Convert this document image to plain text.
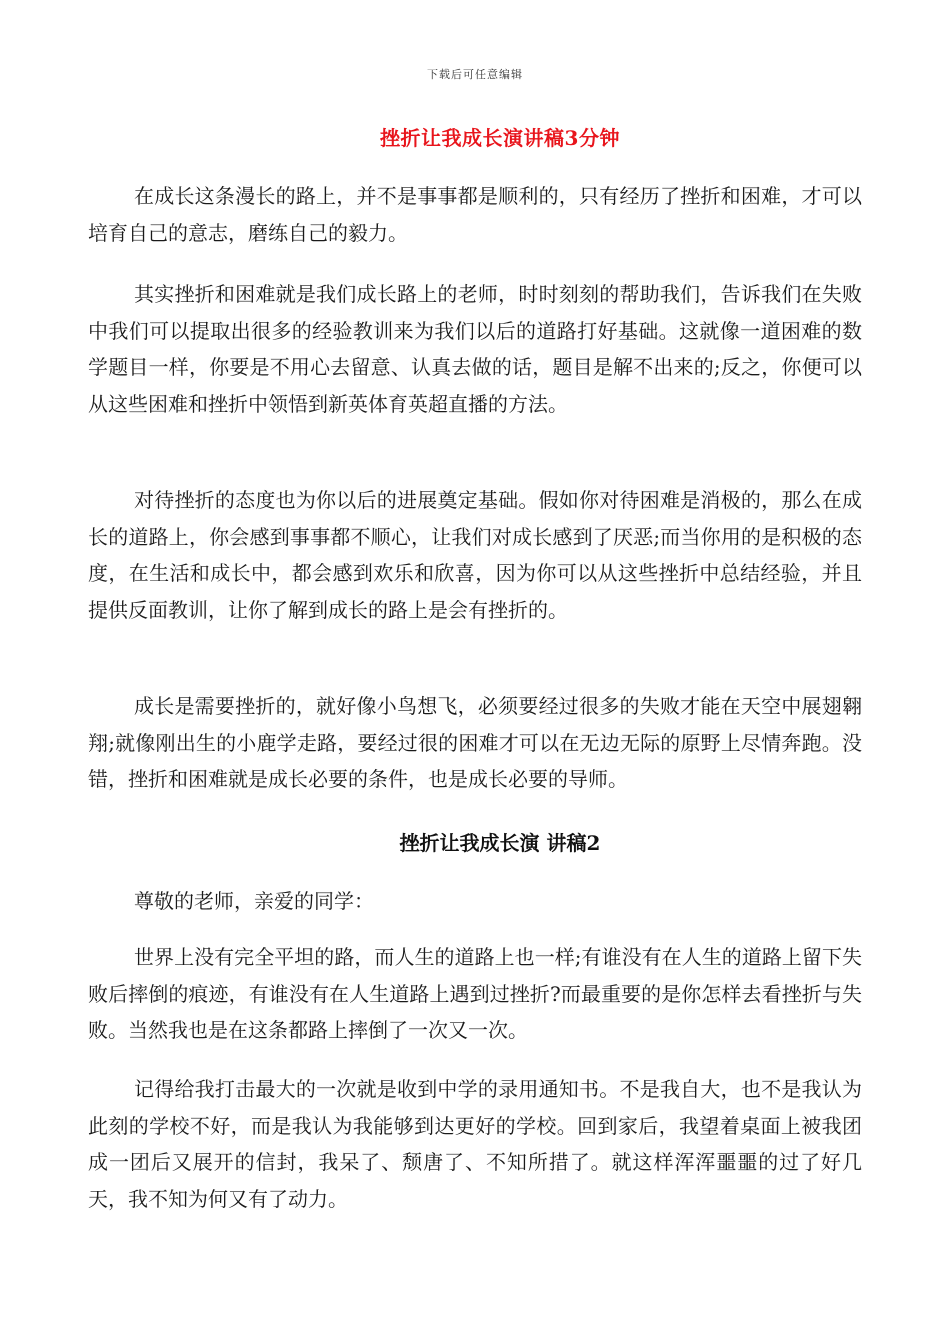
下载后可任意编辑
挫折让我成长演讲稿3分钟

在成长这条漫长的路上，并不是事事都是顺利的，只有经历了挫折和困难，才可以培育自己的意志，磨练自己的毅力。

其实挫折和困难就是我们成长路上的老师，时时刻刻的帮助我们，告诉我们在失败中我们可以提取出很多的经验教训来为我们以后的道路打好基础。这就像一道困难的数学题目一样，你要是不用心去留意、认真去做的话，题目是解不出来的;反之，你便可以从这些困难和挫折中领悟到新英体育英超直播的方法。

对待挫折的态度也为你以后的进展奠定基础。假如你对待困难是消极的，那么在成长的道路上，你会感到事事都不顺心，让我们对成长感到了厌恶;而当你用的是积极的态度，在生活和成长中，都会感到欢乐和欣喜，因为你可以从这些挫折中总结经验，并且提供反面教训，让你了解到成长的路上是会有挫折的。

成长是需要挫折的，就好像小鸟想飞，必须要经过很多的失败才能在天空中展翅翱翔;就像刚出生的小鹿学走路，要经过很的困难才可以在无边无际的原野上尽情奔跑。没错，挫折和困难就是成长必要的条件，也是成长必要的导师。

挫折让我成长演 讲稿2

尊敬的老师，亲爱的同学：

世界上没有完全平坦的路，而人生的道路上也一样;有谁没有在人生的道路上留下失败后摔倒的痕迹，有谁没有在人生道路上遇到过挫折?而最重要的是你怎样去看挫折与失败。当然我也是在这条都路上摔倒了一次又一次。

记得给我打击最大的一次就是收到中学的录用通知书。不是我自大，也不是我认为此刻的学校不好，而是我认为我能够到达更好的学校。回到家后，我望着桌面上被我团成一团后又展开的信封，我呆了、颓唐了、不知所措了。就这样浑浑噩噩的过了好几天，我不知为何又有了动力。
